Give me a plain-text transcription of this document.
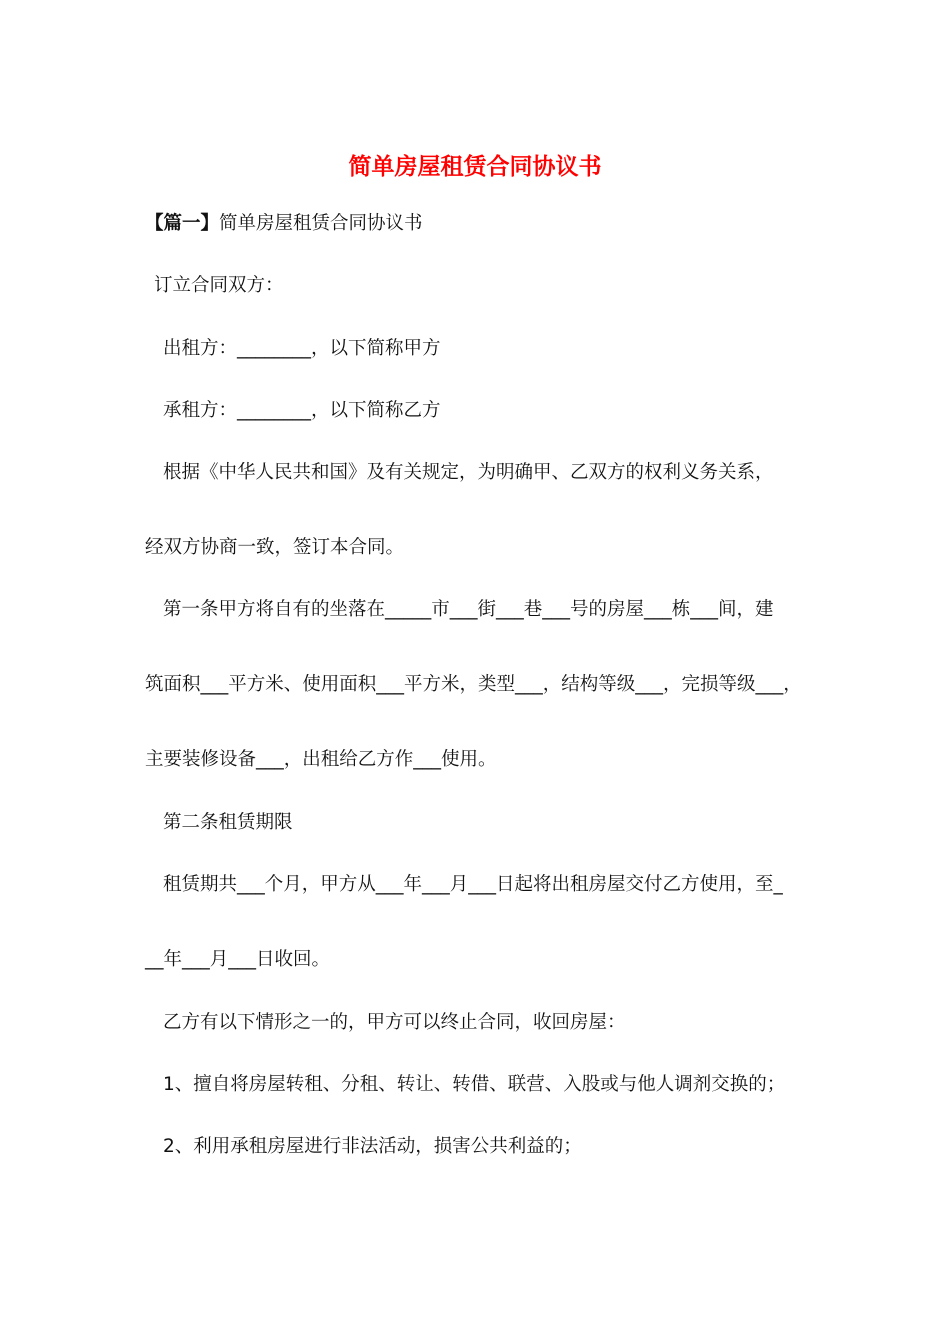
简单房屋租赁合同协议书
【篇一】简单房屋租赁合同协议书
订立合同双方：
出租方：________，以下简称甲方
承租方：________，以下简称乙方
根据《中华人民共和国》及有关规定，为明确甲、乙双方的权利义务关系，
经双方协商一致，签订本合同。
第一条甲方将自有的坐落在_____市___街___巷___号的房屋___栋___间，建
筑面积___平方米、使用面积___平方米，类型___，结构等级___，完损等级___，
主要装修设备___，出租给乙方作___使用。
第二条租赁期限
租赁期共___个月，甲方从___年___月___日起将出租房屋交付乙方使用，至_
__年___月___日收回。
乙方有以下情形之一的，甲方可以终止合同，收回房屋：
1、擅自将房屋转租、分租、转让、转借、联营、入股或与他人调剂交换的；
2、利用承租房屋进行非法活动，损害公共利益的；
